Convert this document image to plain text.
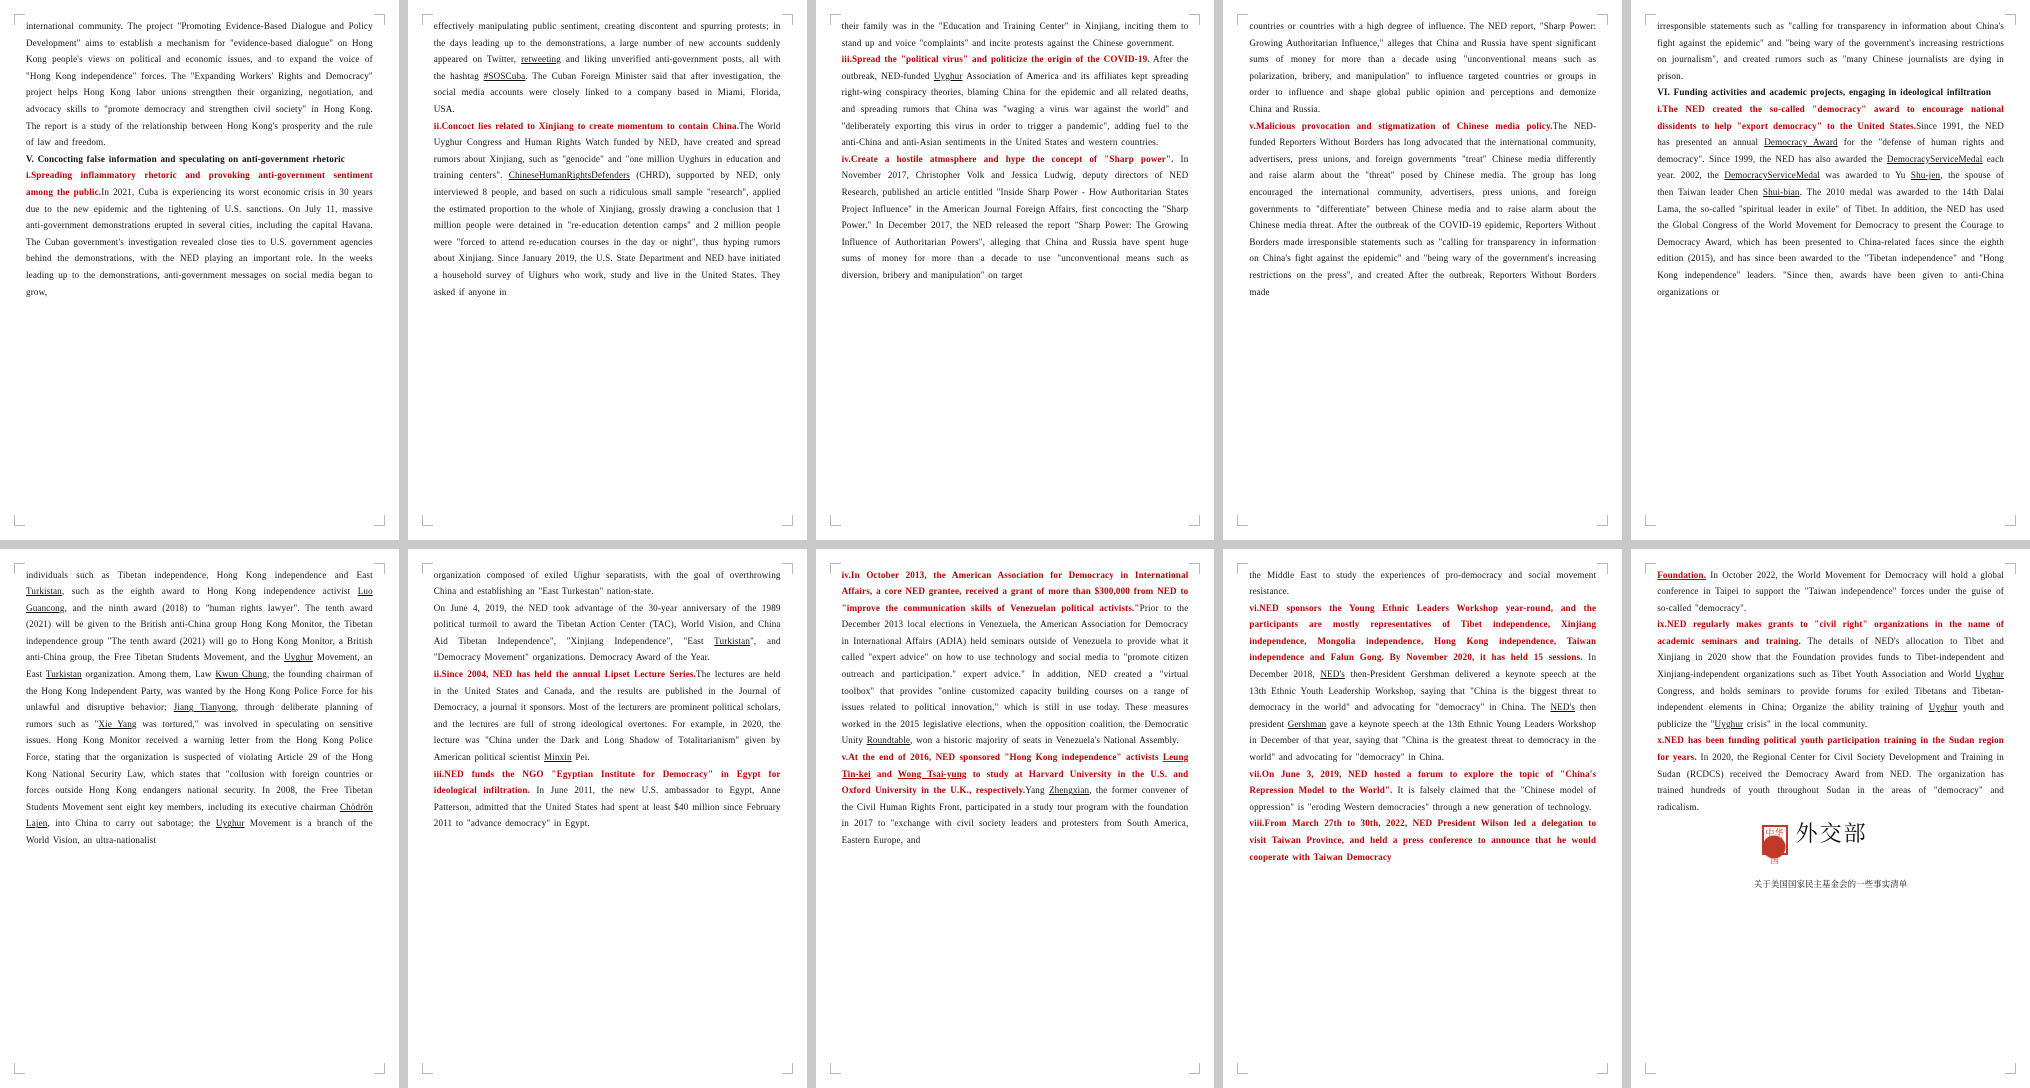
international community. The project "Promoting Evidence-Based Dialogue and Policy Development" aims to establish a mechanism for "evidence-based dialogue" on Hong Kong people's views on political and economic issues, and to expand the voice of "Hong Kong independence" forces. The "Expanding Workers' Rights and Democracy" project helps Hong Kong labor unions strengthen their organizing, negotiation, and advocacy skills to "promote democracy and strengthen civil society" in Hong Kong. The report is a study of the relationship between Hong Kong's prosperity and the rule of law and freedom.

V. Concocting false information and speculating on anti-government rhetoric

i.Spreading inflammatory rhetoric and provoking anti-government sentiment among the public.In 2021, Cuba is experiencing its worst economic crisis in 30 years due to the new epidemic and the tightening of U.S. sanctions. On July 11, massive anti-government demonstrations erupted in several cities, including the capital Havana. The Cuban government's investigation revealed close ties to U.S. government agencies behind the demonstrations, with the NED playing an important role. In the weeks leading up to the demonstrations, anti-government messages on social media began to grow,

effectively manipulating public sentiment, creating discontent and spurring protests; in the days leading up to the demonstrations, a large number of new accounts suddenly appeared on Twitter, retweeting and liking unverified anti-government posts, all with the hashtag #SOSCuba. The Cuban Foreign Minister said that after investigation, the social media accounts were closely linked to a company based in Miami, Florida, USA.

ii.Concoct lies related to Xinjiang to create momentum to contain China.The World Uyghur Congress and Human Rights Watch funded by NED, have created and spread rumors about Xinjiang, such as "genocide" and "one million Uyghurs in education and training centers". ChineseHumanRightsDefenders (CHRD), supported by NED, only interviewed 8 people, and based on such a ridiculous small sample "research", applied the estimated proportion to the whole of Xinjiang, grossly drawing a conclusion that 1 million people were detained in "re-education detention camps" and 2 million people were "forced to attend re-education courses in the day or night", thus hyping rumors about Xinjiang. Since January 2019, the U.S. State Department and NED have initiated a household survey of Uighurs who work, study and live in the United States. They asked if anyone in

their family was in the "Education and Training Center" in Xinjiang, inciting them to stand up and voice "complaints" and incite protests against the Chinese government.

iii.Spread the "political virus" and politicize the origin of the COVID-19. After the outbreak, NED-funded Uyghur Association of America and its affiliates kept spreading right-wing conspiracy theories, blaming China for the epidemic and all related deaths, and spreading rumors that China was "waging a virus war against the world" and "deliberately exporting this virus in order to trigger a pandemic", adding fuel to the anti-China and anti-Asian sentiments in the United States and western countries.

iv.Create a hostile atmosphere and hype the concept of "Sharp power". In November 2017, Christopher Volk and Jessica Ludwig, deputy directors of NED Research, published an article entitled "Inside Sharp Power - How Authoritarian States Project Influence" in the American Journal Foreign Affairs, first concocting the "Sharp Power." In December 2017, the NED released the report "Sharp Power: The Growing Influence of Authoritarian Powers", alleging that China and Russia have spent huge sums of money for more than a decade to use "unconventional means such as diversion, bribery and manipulation" on target

countries or countries with a high degree of influence. The NED report, "Sharp Power: Growing Authoritarian Influence," alleges that China and Russia have spent significant sums of money for more than a decade using "unconventional means such as polarization, bribery, and manipulation" to influence targeted countries or groups in order to influence and shape global public opinion and perceptions and demonize China and Russia.

v.Malicious provocation and stigmatization of Chinese media policy.The NED-funded Reporters Without Borders has long advocated that the international community, advertisers, press unions, and foreign governments "treat" Chinese media differently and raise alarm about the "threat" posed by Chinese media. The group has long encouraged the international community, advertisers, press unions, and foreign governments to "differentiate" between Chinese media and to raise alarm about the Chinese media threat. After the outbreak of the COVID-19 epidemic, Reporters Without Borders made irresponsible statements such as "calling for transparency in information on China's fight against the epidemic" and "being wary of the government's increasing restrictions on the press", and created After the outbreak, Reporters Without Borders made

irresponsible statements such as "calling for transparency in information about China's fight against the epidemic" and "being wary of the government's increasing restrictions on journalism", and created rumors such as "many Chinese journalists are dying in prison.

VI. Funding activities and academic projects, engaging in ideological infiltration

i.The NED created the so-called "democracy" award to encourage national dissidents to help "export democracy" to the United States.Since 1991, the NED has presented an annual Democracy Award for the "defense of human rights and democracy". Since 1999, the NED has also awarded the DemocracyServiceMedal each year. 2002, the DemocracyServiceMedal was awarded to Yu Shu-jen, the spouse of then Taiwan leader Chen Shui-bian. The 2010 medal was awarded to the 14th Dalai Lama, the so-called "spiritual leader in exile" of Tibet. In addition, the NED has used the Global Congress of the World Movement for Democracy to present the Courage to Democracy Award, which has been presented to China-related faces since the eighth edition (2015), and has since been awarded to the "Tibetan independence" and "Hong Kong independence" leaders. "Since then, awards have been given to anti-China organizations or

individuals such as Tibetan independence, Hong Kong independence and East Turkistan, such as the eighth award to Hong Kong independence activist Luo Guancong, and the ninth award (2018) to "human rights lawyer". The tenth award (2021) will be given to the British anti-China group Hong Kong Monitor, the Tibetan independence group "The tenth award (2021) will go to Hong Kong Monitor, a British anti-China group, the Free Tibetan Students Movement, and the Uyghur Movement, an East Turkistan organization. Among them, Law Kwun Chung, the founding chairman of the Hong Kong Independent Party, was wanted by the Hong Kong Police Force for his unlawful and disruptive behavior; Jiang Tianyong, through deliberate planning of rumors such as "Xie Yang was tortured," was involved in speculating on sensitive issues. Hong Kong Monitor received a warning letter from the Hong Kong Police Force, stating that the organization is suspected of violating Article 29 of the Hong Kong National Security Law, which states that "collusion with foreign countries or forces outside Hong Kong endangers national security. In 2008, the Free Tibetan Students Movement sent eight key members, including its executive chairman Chödrön Lajen, into China to carry out sabotage; the Uyghur Movement is a branch of the World Vision, an ultra-nationalist

organization composed of exiled Uighur separatists, with the goal of overthrowing China and establishing an "East Turkestan" nation-state.

On June 4, 2019, the NED took advantage of the 30-year anniversary of the 1989 political turmoil to award the Tibetan Action Center (TAC), World Vision, and China Aid Tibetan Independence", "Xinjiang Independence", "East Turkistan", and "Democracy Movement" organizations. Democracy Award of the Year.

ii.Since 2004, NED has held the annual Lipset Lecture Series.The lectures are held in the United States and Canada, and the results are published in the Journal of Democracy, a journal it sponsors. Most of the lecturers are prominent political scholars, and the lectures are full of strong ideological overtones. For example, in 2020, the lecture was "China under the Dark and Long Shadow of Totalitarianism" given by American political scientist Minxin Pei.

iii.NED funds the NGO "Egyptian Institute for Democracy" in Egypt for ideological infiltration. In June 2011, the new U.S. ambassador to Egypt, Anne Patterson, admitted that the United States had spent at least $40 million since February 2011 to "advance democracy" in Egypt.

iv.In October 2013, the American Association for Democracy in International Affairs, a core NED grantee, received a grant of more than $300,000 from NED to "improve the communication skills of Venezuelan political activists."Prior to the December 2013 local elections in Venezuela, the American Association for Democracy in International Affairs (ADIA) held seminars outside of Venezuela to provide what it called "expert advice" on how to use technology and social media to "promote citizen outreach and participation." expert advice." In addition, NED created a "virtual toolbox" that provides "online customized capacity building courses on a range of issues related to political innovation," which is still in use today. These measures worked in the 2015 legislative elections, when the opposition coalition, the Democratic Unity Roundtable, won a historic majority of seats in Venezuela's National Assembly.

v.At the end of 2016, NED sponsored "Hong Kong independence" activists Leung Tin-kei and Wong Tsai-yung to study at Harvard University in the U.S. and Oxford University in the U.K., respectively.Yang Zhengxian, the former convener of the Civil Human Rights Front, participated in a study tour program with the foundation in 2017 to "exchange with civil society leaders and protesters from South America, Eastern Europe, and

the Middle East to study the experiences of pro-democracy and social movement resistance.

vi.NED sponsors the Young Ethnic Leaders Workshop year-round, and the participants are mostly representatives of Tibet independence, Xinjiang independence, Mongolia independence, Hong Kong independence, Taiwan independence and Falun Gong. By November 2020, it has held 15 sessions. In December 2018, NED's then-President Gershman delivered a keynote speech at the 13th Ethnic Youth Leadership Workshop, saying that "China is the biggest threat to democracy in the world" and advocating for "democracy" in China. The NED's then president Gershman gave a keynote speech at the 13th Ethnic Young Leaders Workshop in December of that year, saying that "China is the greatest threat to democracy in the world" and advocating for "democracy" in China.

vii.On June 3, 2019, NED hosted a forum to explore the topic of "China's Repression Model to the World". It is falsely claimed that the "Chinese model of oppression" is "eroding Western democracies" through a new generation of technology.

viii.From March 27th to 30th, 2022, NED President Wilson led a delegation to visit Taiwan Province, and held a press conference to announce that he would cooperate with Taiwan Democracy

Foundation. In October 2022, the World Movement for Democracy will hold a global conference in Taipei to support the "Taiwan independence" forces under the guise of so-called "democracy".

ix.NED regularly makes grants to "civil right" organizations in the name of academic seminars and training. The details of NED's allocation to Tibet and Xinjiang in 2020 show that the Foundation provides funds to Tibet-independent and Xinjiang-independent organizations such as Tibet Youth Association and World Uyghur Congress, and holds seminars to provide forums for exiled Tibetans and Tibetan-independent elements in China; Organize the ability training of Uyghur youth and publicize the "Uyghur crisis" in the local community.

x.NED has been funding political youth participation training in the Sudan region for years. In 2020, the Regional Center for Civil Society Development and Training in Sudan (RCDCS) received the Democracy Award from NED. The organization has trained hundreds of youth throughout Sudan in the areas of "democracy" and radicalism.

中华人民共和国
外交部
关于美国国家民主基金会的一些事实清单
